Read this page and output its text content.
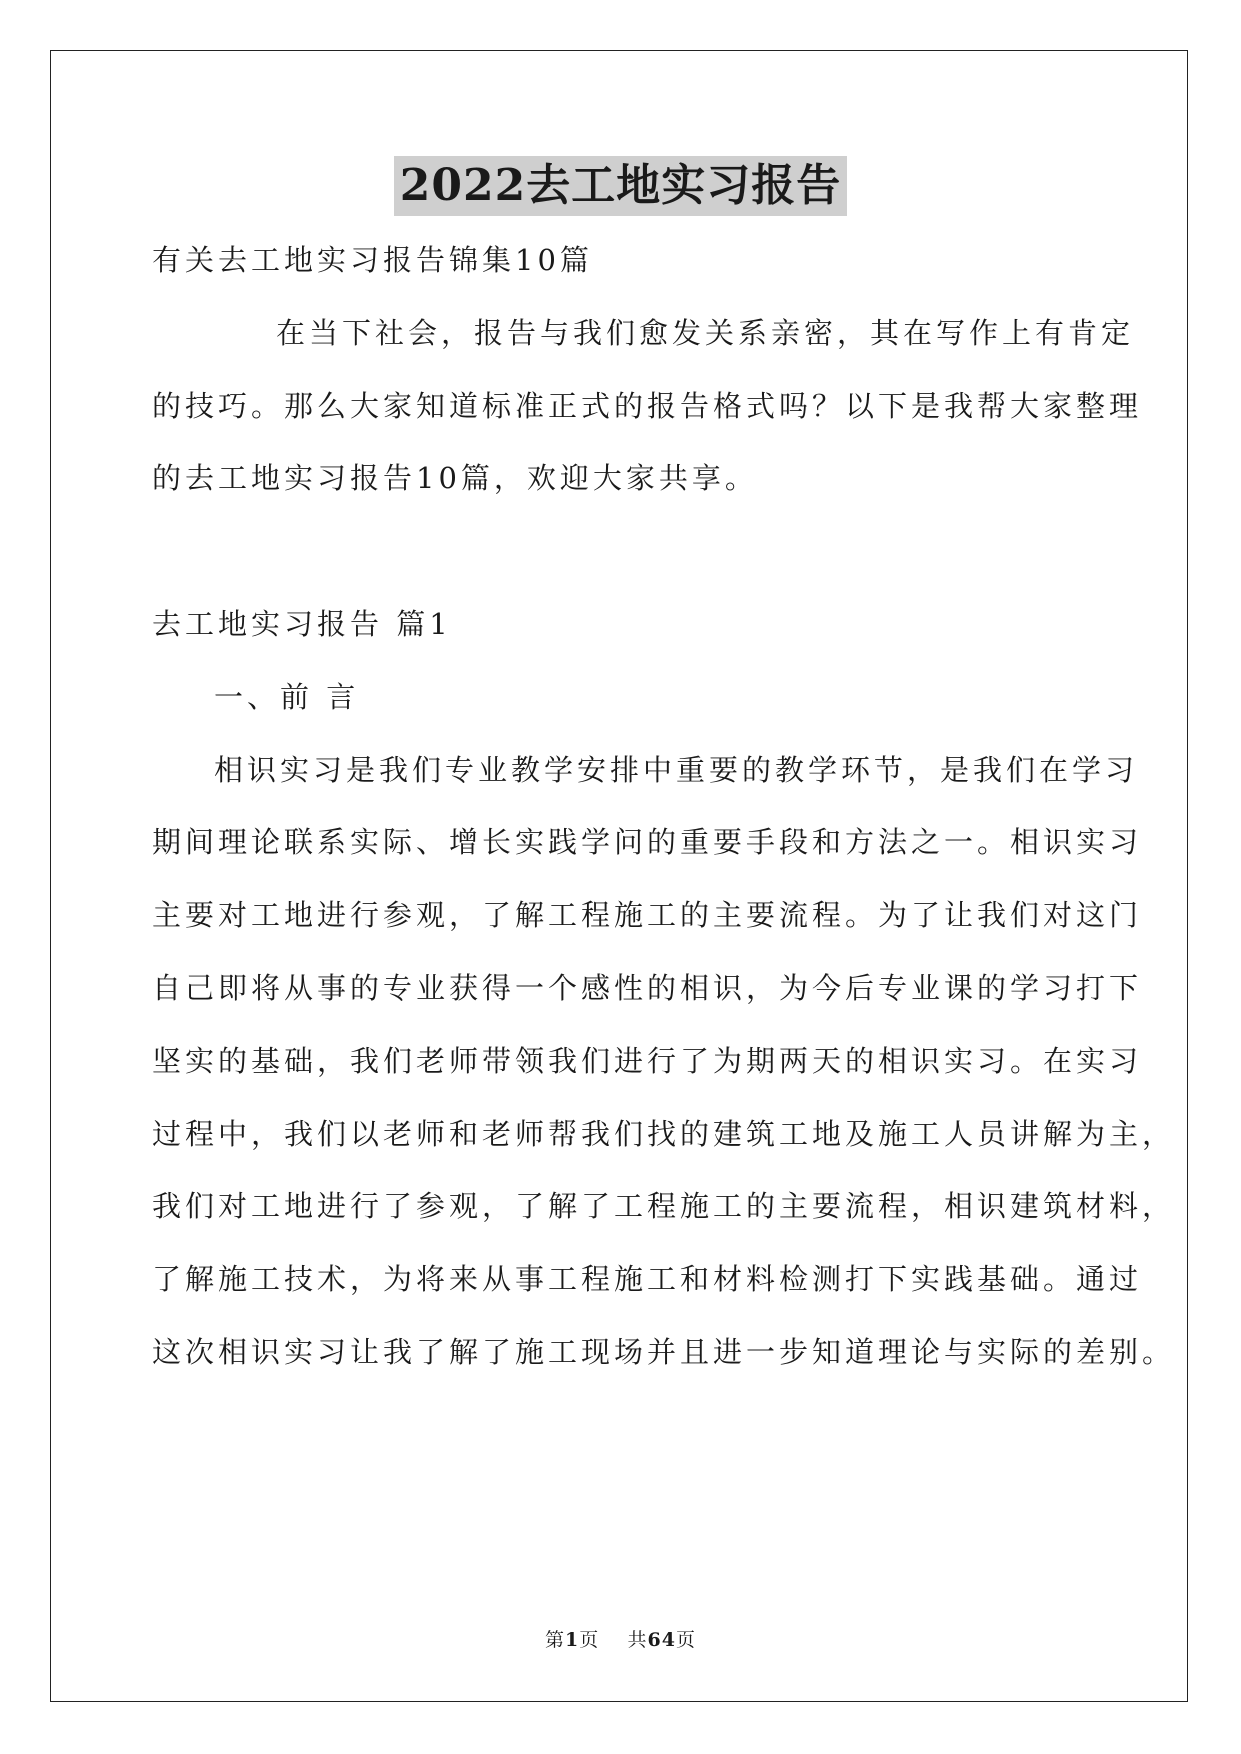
2022去工地实习报告
有关去工地实习报告锦集10篇
在当下社会，报告与我们愈发关系亲密，其在写作上有肯定
的技巧。那么大家知道标准正式的报告格式吗？以下是我帮大家整理
的去工地实习报告10篇，欢迎大家共享。
去工地实习报告 篇1
一、前 言
相识实习是我们专业教学安排中重要的教学环节，是我们在学习
期间理论联系实际、增长实践学问的重要手段和方法之一。相识实习
主要对工地进行参观，了解工程施工的主要流程。为了让我们对这门
自己即将从事的专业获得一个感性的相识，为今后专业课的学习打下
坚实的基础，我们老师带领我们进行了为期两天的相识实习。在实习
过程中，我们以老师和老师帮我们找的建筑工地及施工人员讲解为主，
我们对工地进行了参观，了解了工程施工的主要流程，相识建筑材料，
了解施工技术，为将来从事工程施工和材料检测打下实践基础。通过
这次相识实习让我了解了施工现场并且进一步知道理论与实际的差别。
第1页 共64页
